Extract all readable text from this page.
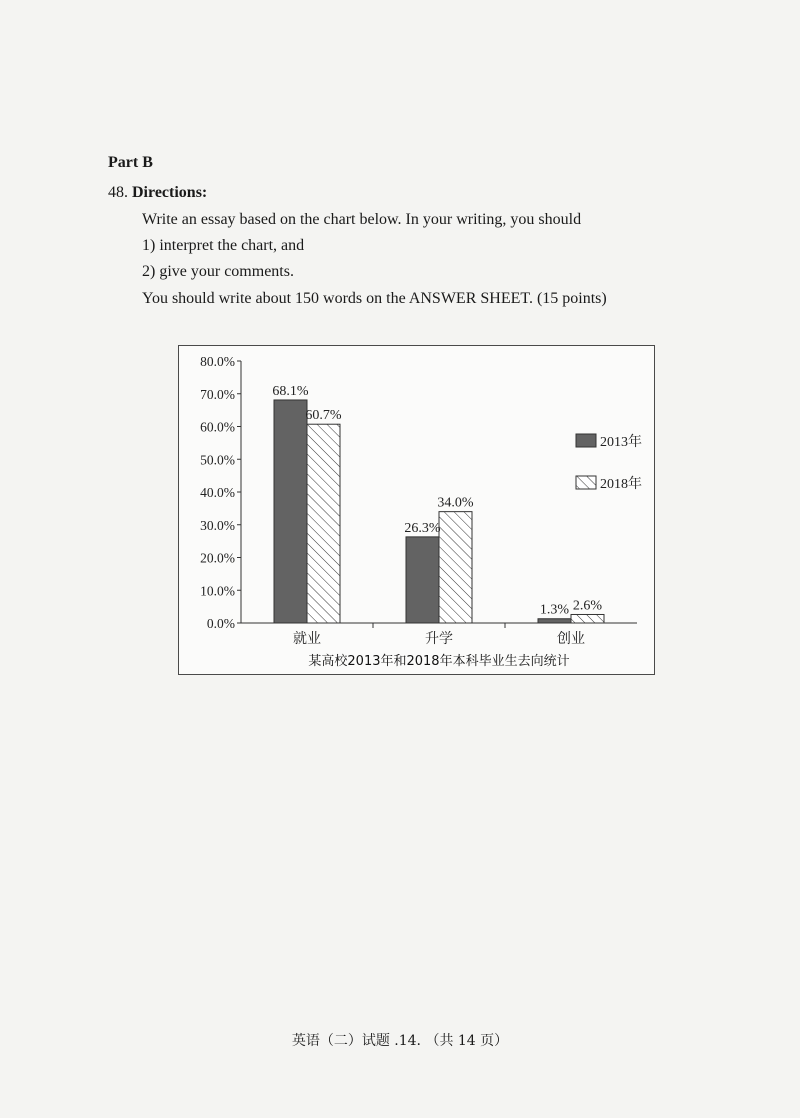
Part B
48. Directions:
Write an essay based on the chart below. In your writing, you should
1) interpret the chart, and
2) give your comments.
You should write about 150 words on the ANSWER SHEET. (15 points)
0.0%
10.0%
20.0%
30.0%
40.0%
50.0%
60.0%
70.0%
80.0%
就业
68.1%
60.7%
升学
26.3%
34.0%
创业
1.3% 2.6%
2013年
2018年
某高校2013年和2018年本科毕业生去向统计
英语（二）试题 .14. （共 14 页）
